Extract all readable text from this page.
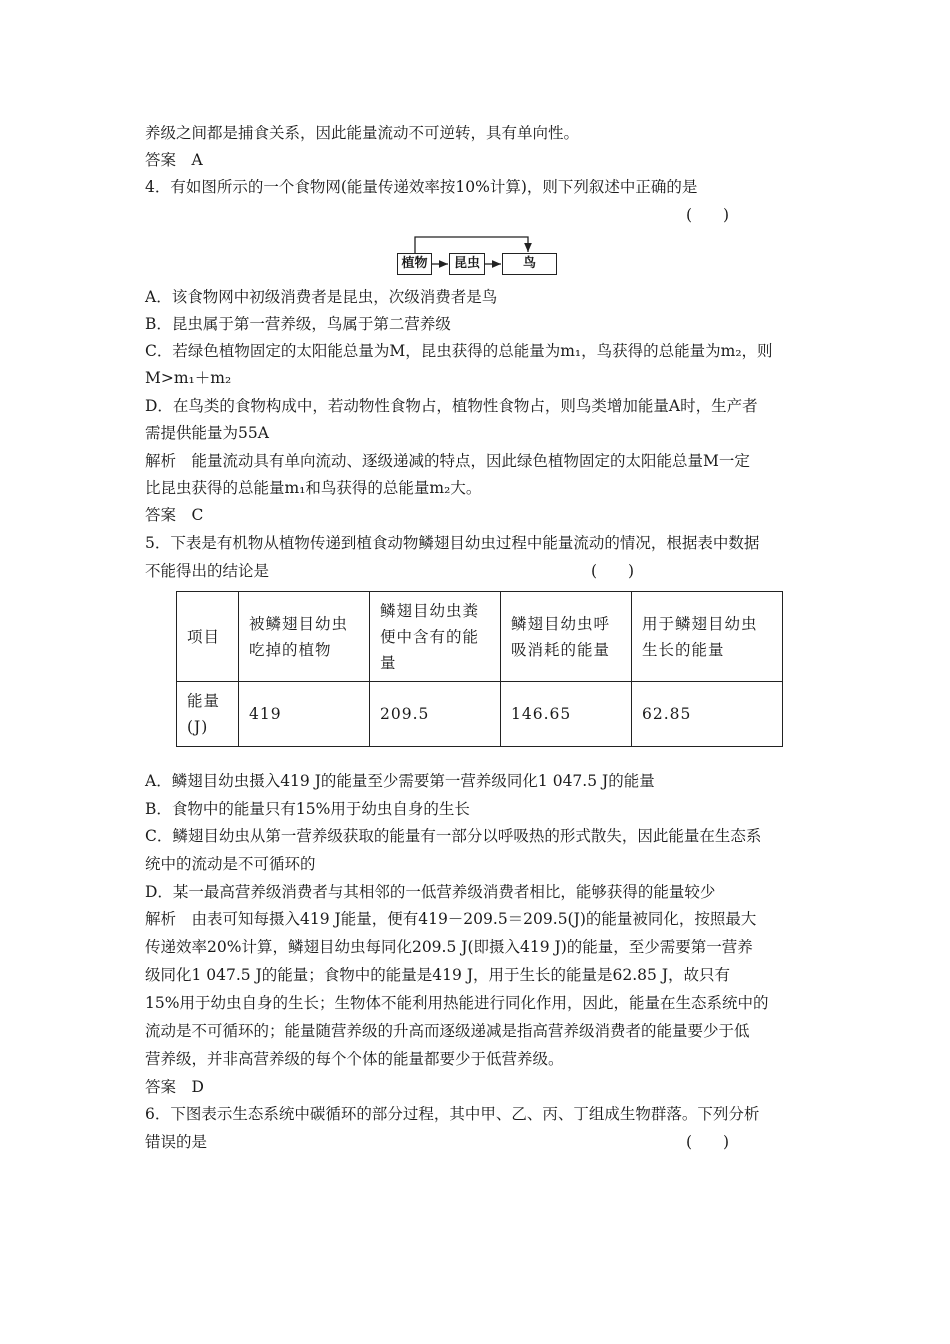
养级之间都是捕食关系，因此能量流动不可逆转，具有单向性。
答案　A
4．有如图所示的一个食物网(能量传递效率按10%计算)，则下列叙述中正确的是
(　　)
植物	昆虫	鸟
A．该食物网中初级消费者是昆虫，次级消费者是鸟
B．昆虫属于第一营养级，鸟属于第二营养级
C．若绿色植物固定的太阳能总量为M，昆虫获得的总能量为m₁，鸟获得的总能量为m₂，则
M>m₁＋m₂
D．在鸟类的食物构成中，若动物性食物占，植物性食物占，则鸟类增加能量A时，生产者
需提供能量为55A
解析　能量流动具有单向流动、逐级递减的特点，因此绿色植物固定的太阳能总量M一定
比昆虫获得的总能量m₁和鸟获得的总能量m₂大。
答案　C
5．下表是有机物从植物传递到植食动物鳞翅目幼虫过程中能量流动的情况，根据表中数据
不能得出的结论是	(　　)
项目	被鳞翅目幼虫吃掉的植物	鳞翅目幼虫粪便中含有的能量	鳞翅目幼虫呼吸消耗的能量	用于鳞翅目幼虫生长的能量
能量(J)	419	209.5	146.65	62.85
A．鳞翅目幼虫摄入419 J的能量至少需要第一营养级同化1 047.5 J的能量
B．食物中的能量只有15%用于幼虫自身的生长
C．鳞翅目幼虫从第一营养级获取的能量有一部分以呼吸热的形式散失，因此能量在生态系
统中的流动是不可循环的
D．某一最高营养级消费者与其相邻的一低营养级消费者相比，能够获得的能量较少
解析　由表可知每摄入419 J能量，便有419－209.5＝209.5(J)的能量被同化，按照最大
传递效率20%计算，鳞翅目幼虫每同化209.5 J(即摄入419 J)的能量，至少需要第一营养
级同化1 047.5 J的能量；食物中的能量是419 J，用于生长的能量是62.85 J，故只有
15%用于幼虫自身的生长；生物体不能利用热能进行同化作用，因此，能量在生态系统中的
流动是不可循环的；能量随营养级的升高而逐级递减是指高营养级消费者的能量要少于低
营养级，并非高营养级的每个个体的能量都要少于低营养级。
答案　D
6．下图表示生态系统中碳循环的部分过程，其中甲、乙、丙、丁组成生物群落。下列分析
错误的是	(　　)
